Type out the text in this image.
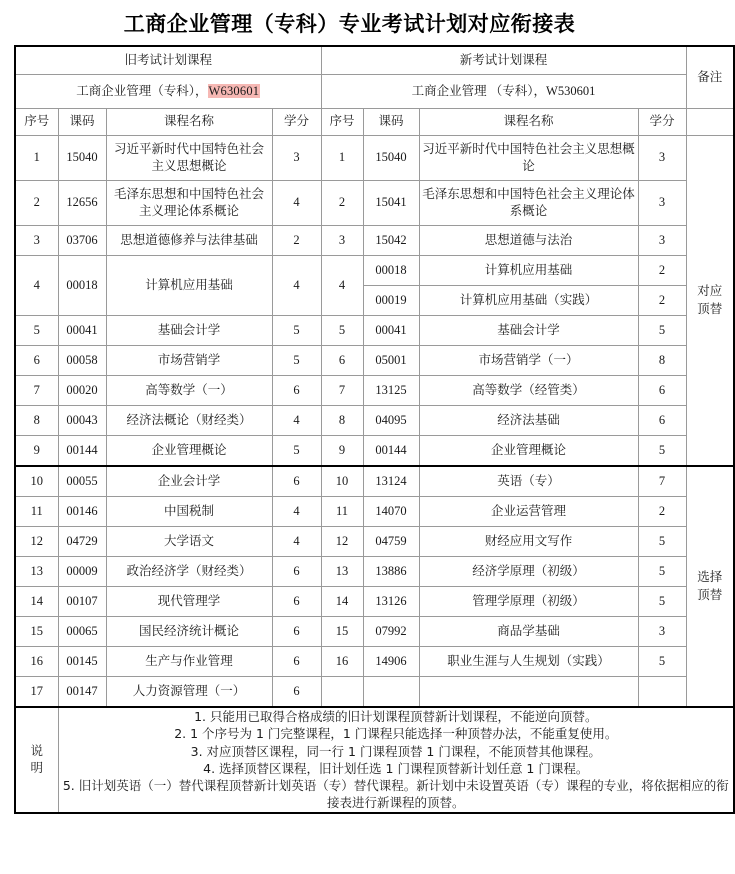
工商企业管理（专科）专业考试计划对应衔接表
旧考试计划课程				新考试计划课程				备注
工商企业管理（专科），W630601				工商企业管理 （专科），W530601				
序号	课码	课程名称	学分	序号	课码	课程名称	学分	
1	15040	习近平新时代中国特色社会主义思想概论	3	1	15040	习近平新时代中国特色社会主义思想概论	3	对应
顶替

2	12656	毛泽东思想和中国特色社会主义理论体系概论	4	2	15041	毛泽东思想和中国特色社会主义理论体系概论	3	
3	03706	思想道德修养与法律基础	2	3	15042	思想道德与法治	3	
4	00018	计算机应用基础	4	4	00018	计算机应用基础	2	
					00019	计算机应用基础（实践）	2	
5	00041	基础会计学	5	5	00041	基础会计学	5	
6	00058	市场营销学	5	6	05001	市场营销学（一）	8	
7	00020	高等数学（一）	6	7	13125	高等数学（经管类）	6	
8	00043	经济法概论（财经类）	4	8	04095	经济法基础	6	
9	00144	企业管理概论	5	9	00144	企业管理概论	5	
10	00055	企业会计学	6	10	13124	英语（专）	7	选择
顶替

11	00146	中国税制	4	11	14070	企业运营管理	2	
12	04729	大学语文	4	12	04759	财经应用文写作	5	
13	00009	政治经济学（财经类）	6	13	13886	经济学原理（初级）	5	
14	00107	现代管理学	6	14	13126	管理学原理（初级）	5	
15	00065	国民经济统计概论	6	15	07992	商品学基础	3	
16	00145	生产与作业管理	6	16	14906	职业生涯与人生规划（实践）	5	
17	00147	人力资源管理（一）	6					

说
明

1. 只能用已取得合格成绩的旧计划课程顶替新计划课程，不能逆向顶替。
2. 1 个序号为 1 门完整课程，1 门课程只能选择一种顶替办法，不能重复使用。
3. 对应顶替区课程，同一行 1 门课程顶替 1 门课程，不能顶替其他课程。
4. 选择顶替区课程，旧计划任选 1 门课程顶替新计划任意 1 门课程。
5. 旧计划英语（一）替代课程顶替新计划英语（专）替代课程。新计划中未设置英语（专）课程的专业，将依据相应的衔接表进行新课程的顶替。
